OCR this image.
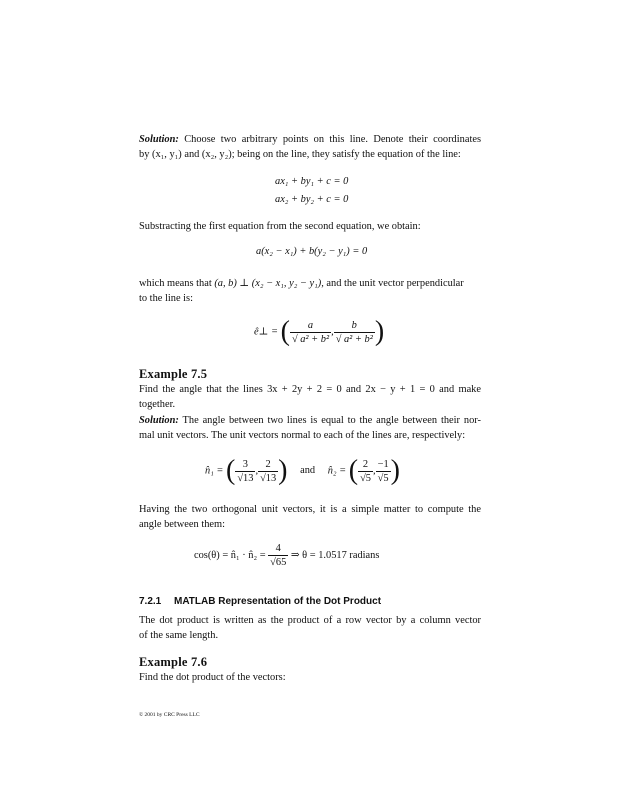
Solution: Choose two arbitrary points on this line. Denote their coordinates
by (x₁, y₁) and (x₂, y₂); being on the line, they satisfy the equation of the line:
ax₁ + by₁ + c = 0
ax₂ + by₂ + c = 0
Substracting the first equation from the second equation, we obtain:
a(x₂ − x₁) + b(y₂ − y₁) = 0
which means that (a, b) ⊥ (x₂ − x₁, y₂ − y₁), and the unit vector perpendicular
to the line is:
ê⊥ = ( $\frac{a}{\text{√ a² + b²}}$ , $\frac{b}{\text{√ a² + b²}}$ )
Example 7.5
Find the angle that the lines 3x + 2y + 2 = 0 and 2x − y + 1 = 0 and make
together.
Solution: The angle between two lines is equal to the angle between their nor-
mal unit vectors. The unit vectors normal to each of the lines are, respectively:
n̂₁ = ( $\frac{3}{√13}$ , $\frac{2}{√13}$ ) and n̂₂ = ( $\frac{2}{√5}$ , $\frac{-1}{√5}$ )
Having the two orthogonal unit vectors, it is a simple matter to compute the
angle between them:
cos(θ) = n̂₁ · n̂₂ = $\frac{4}{√65}$ ⇒ θ = 1.0517 radians
7.2.1 MATLAB Representation of the Dot Product
The dot product is written as the product of a row vector by a column vector
of the same length.
Example 7.6
Find the dot product of the vectors:
© 2001 by CRC Press LLC
